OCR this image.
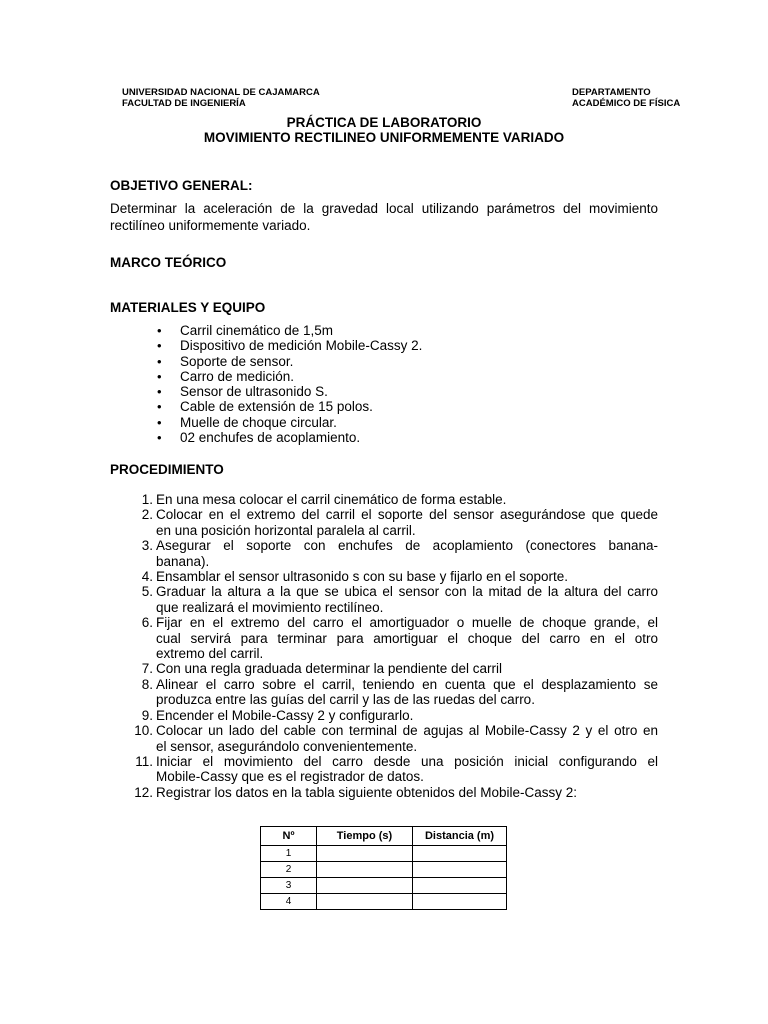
UNIVERSIDAD NACIONAL DE CAJAMARCA
FACULTAD DE INGENIERÍA
DEPARTAMENTO
ACADÉMICO DE FÍSICA
PRÁCTICA DE LABORATORIO
MOVIMIENTO RECTILINEO UNIFORMEMENTE VARIADO
OBJETIVO GENERAL:
Determinar la aceleración de la gravedad local utilizando parámetros del movimiento
rectilíneo uniformemente variado.
MARCO TEÓRICO
MATERIALES Y EQUIPO
• Carril cinemático de 1,5m
• Dispositivo de medición Mobile-Cassy 2.
• Soporte de sensor.
• Carro de medición.
• Sensor de ultrasonido S.
• Cable de extensión de 15 polos.
• Muelle de choque circular.
• 02 enchufes de acoplamiento.
PROCEDIMIENTO
1. En una mesa colocar el carril cinemático de forma estable.
2. Colocar en el extremo del carril el soporte del sensor asegurándose que quede
en una posición horizontal paralela al carril.
3. Asegurar el soporte con enchufes de acoplamiento (conectores banana-
banana).
4. Ensamblar el sensor ultrasonido s con su base y fijarlo en el soporte.
5. Graduar la altura a la que se ubica el sensor con la mitad de la altura del carro
que realizará el movimiento rectilíneo.
6. Fijar en el extremo del carro el amortiguador o muelle de choque grande, el
cual servirá para terminar para amortiguar el choque del carro en el otro
extremo del carril.
7. Con una regla graduada determinar la pendiente del carril
8. Alinear el carro sobre el carril, teniendo en cuenta que el desplazamiento se
produzca entre las guías del carril y las de las ruedas del carro.
9. Encender el Mobile-Cassy 2 y configurarlo.
10. Colocar un lado del cable con terminal de agujas al Mobile-Cassy 2 y el otro en
el sensor, asegurándolo convenientemente.
11. Iniciar el movimiento del carro desde una posición inicial configurando el
Mobile-Cassy que es el registrador de datos.
12. Registrar los datos en la tabla siguiente obtenidos del Mobile-Cassy 2:
Nº	Tiempo (s)	Distancia (m)
1		
2		
3		
4		
